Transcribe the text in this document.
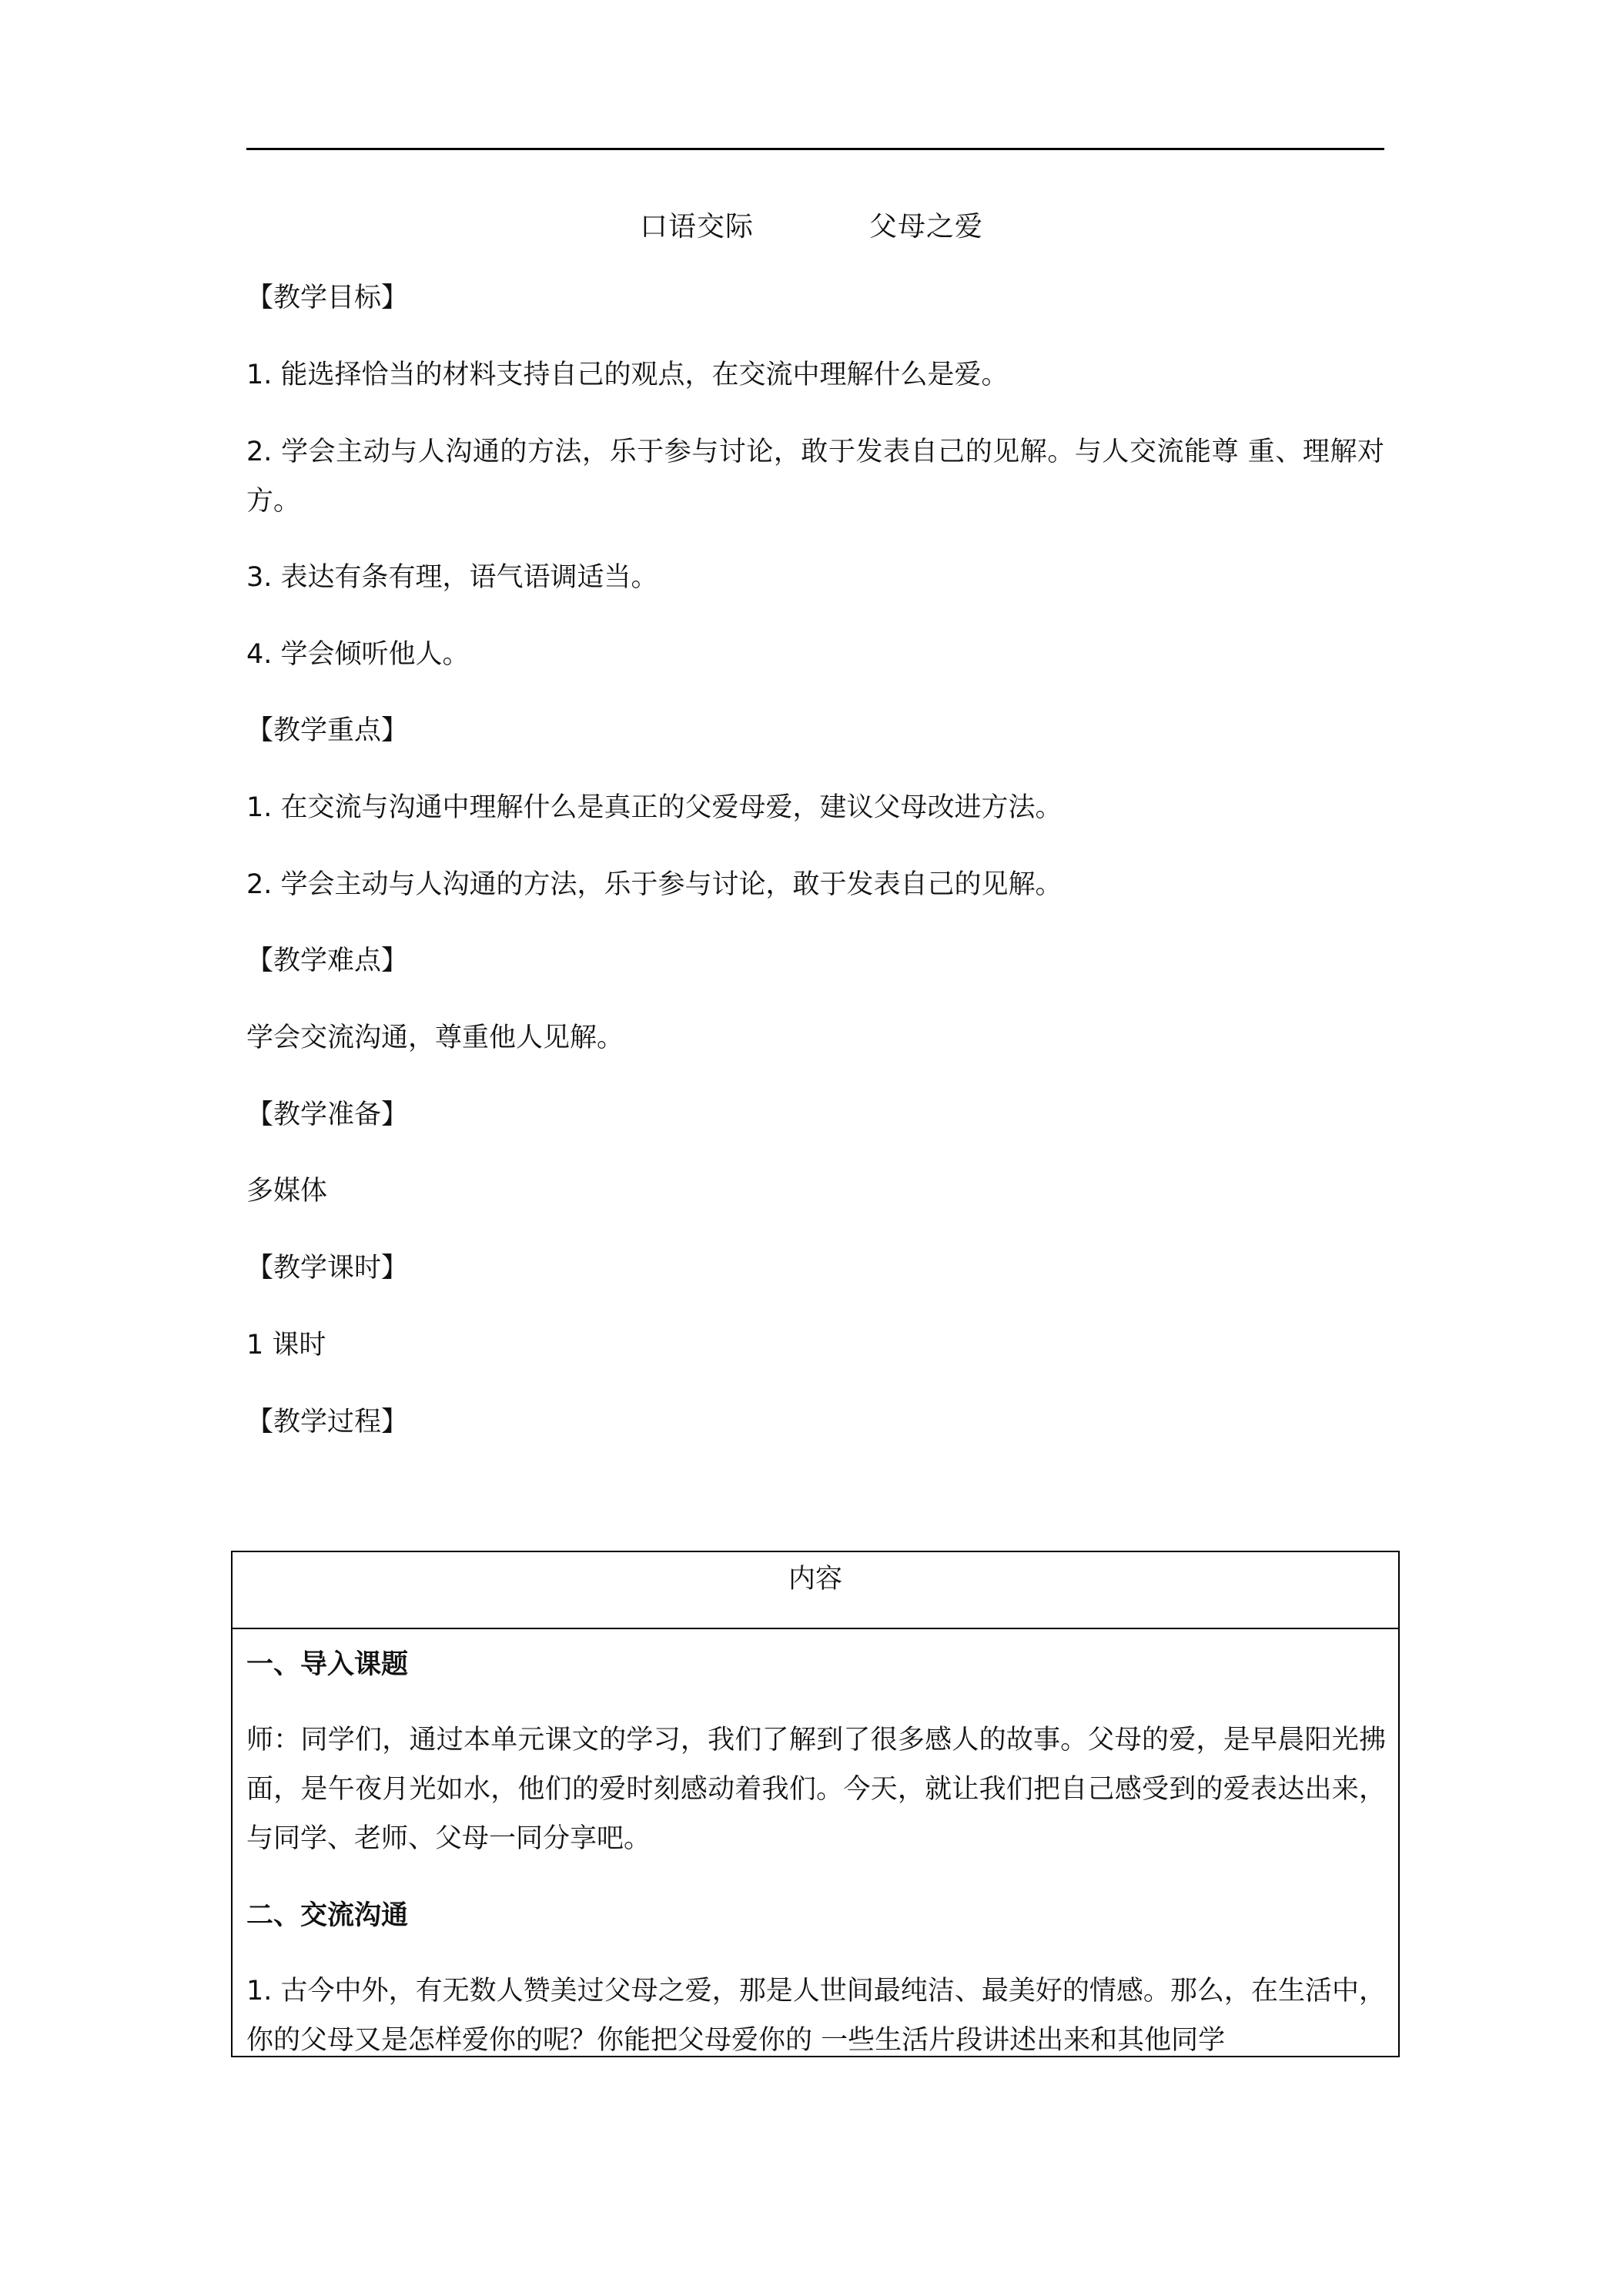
口语交际	父母之爱

【教学目标】

1. 能选择恰当的材料支持自己的观点，在交流中理解什么是爱。

2. 学会主动与人沟通的方法，乐于参与讨论，敢于发表自己的见解。与人交流能尊 重、理解对方。

3. 表达有条有理，语气语调适当。

4. 学会倾听他人。

【教学重点】

1. 在交流与沟通中理解什么是真正的父爱母爱，建议父母改进方法。

2. 学会主动与人沟通的方法，乐于参与讨论，敢于发表自己的见解。

【教学难点】

学会交流沟通，尊重他人见解。

【教学准备】

多媒体

【教学课时】

1 课时

【教学过程】

内容

一、导入课题

师：同学们，通过本单元课文的学习，我们了解到了很多感人的故事。父母的爱，是早晨阳光拂面，是午夜月光如水，他们的爱时刻感动着我们。今天，就让我们把自己感受到的爱表达出来，与同学、老师、父母一同分享吧。

二、交流沟通

1. 古今中外，有无数人赞美过父母之爱，那是人世间最纯洁、最美好的情感。那么，在生活中，你的父母又是怎样爱你的呢？你能把父母爱你的 一些生活片段讲述出来和其他同学
